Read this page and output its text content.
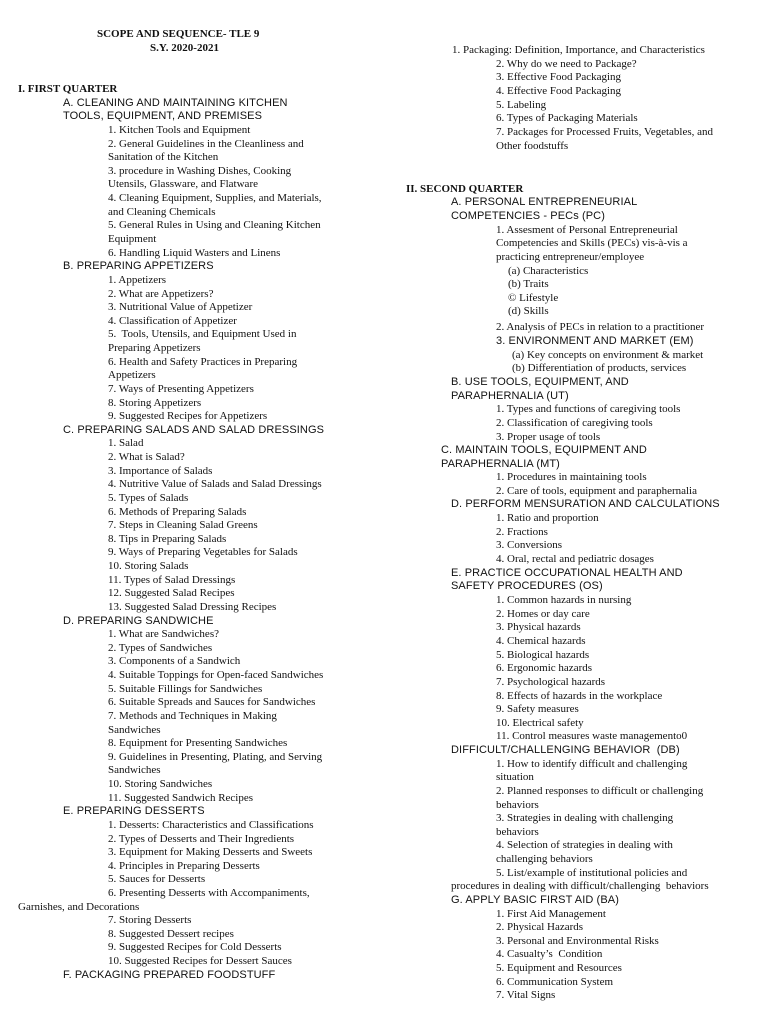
SCOPE AND SEQUENCE- TLE 9
S.Y. 2020-2021
I. FIRST QUARTER
A. CLEANING AND MAINTAINING KITCHEN
TOOLS, EQUIPMENT, AND PREMISES
1. Kitchen Tools and Equipment
2. General Guidelines in the Cleanliness and
Sanitation of the Kitchen
3. procedure in Washing Dishes, Cooking
Utensils, Glassware, and Flatware
4. Cleaning Equipment, Supplies, and Materials,
and Cleaning Chemicals
5. General Rules in Using and Cleaning Kitchen
Equipment
6. Handling Liquid Wasters and Linens
B. PREPARING APPETIZERS
1. Appetizers
2. What are Appetizers?
3. Nutritional Value of Appetizer
4. Classification of Appetizer
5.  Tools, Utensils, and Equipment Used in
Preparing Appetizers
6. Health and Safety Practices in Preparing
Appetizers
7. Ways of Presenting Appetizers
8. Storing Appetizers
9. Suggested Recipes for Appetizers
C. PREPARING SALADS AND SALAD DRESSINGS
1. Salad
2. What is Salad?
3. Importance of Salads
4. Nutritive Value of Salads and Salad Dressings
5. Types of Salads
6. Methods of Preparing Salads
7. Steps in Cleaning Salad Greens
8. Tips in Preparing Salads
9. Ways of Preparing Vegetables for Salads
10. Storing Salads
11. Types of Salad Dressings
12. Suggested Salad Recipes
13. Suggested Salad Dressing Recipes
D. PREPARING SANDWICHE
1. What are Sandwiches?
2. Types of Sandwiches
3. Components of a Sandwich
4. Suitable Toppings for Open-faced Sandwiches
5. Suitable Fillings for Sandwiches
6. Suitable Spreads and Sauces for Sandwiches
7. Methods and Techniques in Making
Sandwiches
8. Equipment for Presenting Sandwiches
9. Guidelines in Presenting, Plating, and Serving
Sandwiches
10. Storing Sandwiches
11. Suggested Sandwich Recipes
E. PREPARING DESSERTS
1. Desserts: Characteristics and Classifications
2. Types of Desserts and Their Ingredients
3. Equipment for Making Desserts and Sweets
4. Principles in Preparing Desserts
5. Sauces for Desserts
6. Presenting Desserts with Accompaniments,
Garnishes, and Decorations
7. Storing Desserts
8. Suggested Dessert recipes
9. Suggested Recipes for Cold Desserts
10. Suggested Recipes for Dessert Sauces
F. PACKAGING PREPARED FOODSTUFF
1. Packaging: Definition, Importance, and Characteristics
2. Why do we need to Package?
3. Effective Food Packaging
4. Effective Food Packaging
5. Labeling
6. Types of Packaging Materials
7. Packages for Processed Fruits, Vegetables, and
Other foodstuffs
II. SECOND QUARTER
A. PERSONAL ENTREPRENEURIAL
COMPETENCIES - PECs (PC)
1. Assesment of Personal Entrepreneurial
Competencies and Skills (PECs) vis-à-vis a
practicing entrepreneur/employee
(a) Characteristics
(b) Traits
© Lifestyle
(d) Skills
2. Analysis of PECs in relation to a practitioner
3. ENVIRONMENT AND MARKET (EM)
(a) Key concepts on environment & market
(b) Differentiation of products, services
B. USE TOOLS, EQUIPMENT, AND
PARAPHERNALIA (UT)
1. Types and functions of caregiving tools
2. Classification of caregiving tools
3. Proper usage of tools
C. MAINTAIN TOOLS, EQUIPMENT AND
PARAPHERNALIA (MT)
1. Procedures in maintaining tools
2. Care of tools, equipment and paraphernalia
D. PERFORM MENSURATION AND CALCULATIONS
1. Ratio and proportion
2. Fractions
3. Conversions
4. Oral, rectal and pediatric dosages
E. PRACTICE OCCUPATIONAL HEALTH AND
SAFETY PROCEDURES (OS)
1. Common hazards in nursing
2. Homes or day care
3. Physical hazards
4. Chemical hazards
5. Biological hazards
6. Ergonomic hazards
7. Psychological hazards
8. Effects of hazards in the workplace
9. Safety measures
10. Electrical safety
11. Control measures waste managemento0
DIFFICULT/CHALLENGING BEHAVIOR  (DB)
1. How to identify difficult and challenging
situation
2. Planned responses to difficult or challenging
behaviors
3. Strategies in dealing with challenging
behaviors
4. Selection of strategies in dealing with
challenging behaviors
5. List/example of institutional policies and
procedures in dealing with difficult/challenging  behaviors
G. APPLY BASIC FIRST AID (BA)
1. First Aid Management
2. Physical Hazards
3. Personal and Environmental Risks
4. Casualty’s  Condition
5. Equipment and Resources
6. Communication System
7. Vital Signs
